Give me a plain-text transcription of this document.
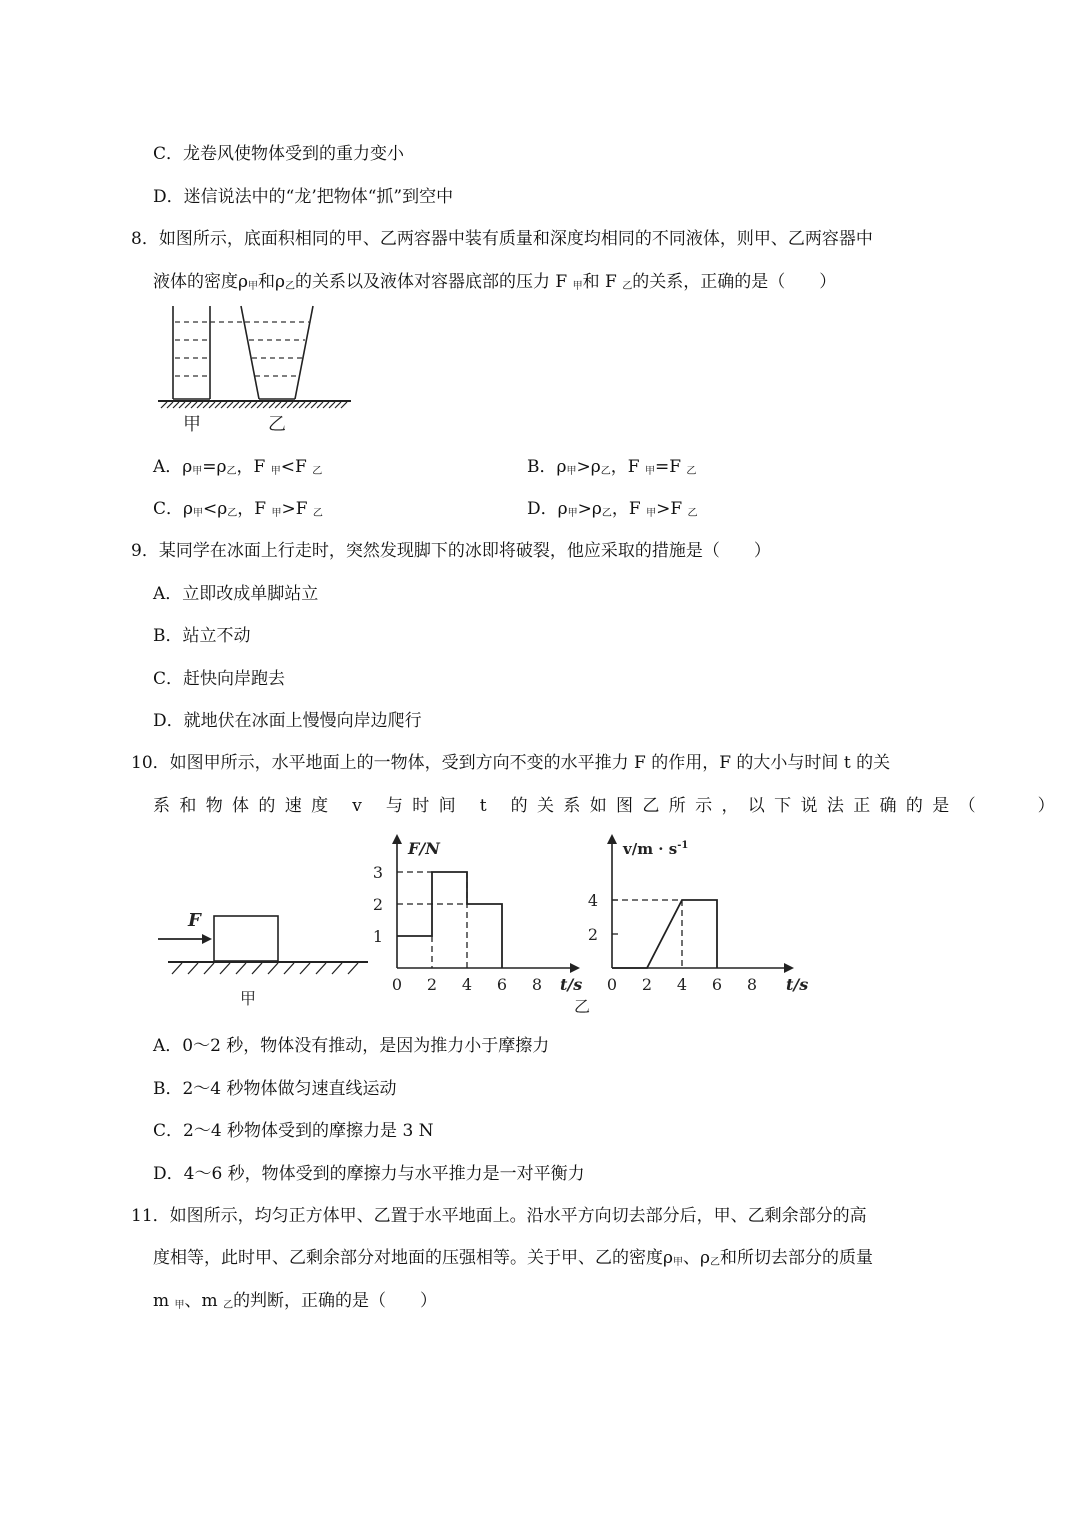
C．龙卷风使物体受到的重力变小
D．迷信说法中的“龙’把物体“抓”到空中
8．如图所示，底面积相同的甲、乙两容器中装有质量和深度均相同的不同液体，则甲、乙两容器中
液体的密度$\rho_甲$和$\rho_乙$的关系以及液体对容器底部的压力 F $_甲$和 F $_乙$的关系，正确的是（　　）
甲	乙
A．$\rho_甲=\rho_乙$，F $_甲$<F $_乙$	B．$\rho_甲>\rho_乙$，F $_甲$=F $_乙$
C．$\rho_甲<\rho_乙$，F $_甲$>F $_乙$	D．$\rho_甲>\rho_乙$，F $_甲$>F $_乙$
9．某同学在冰面上行走时，突然发现脚下的冰即将破裂，他应采取的措施是（　　）
A．立即改成单脚站立
B．站立不动
C．赶快向岸跑去
D．就地伏在冰面上慢慢向岸边爬行
10．如图甲所示，水平地面上的一物体，受到方向不变的水平推力 F 的作用，F 的大小与时间 t 的关
系和物体的速度 v 与时间 t 的关系如图乙所示，以下说法正确的是（　　）
F
甲
F/N
t/s
0 2 4 6 8
3
2
1
乙
$v/m \cdot s^{-1}$
t/s
0 2 4 6 8
4
2
A．0～2 秒，物体没有推动，是因为推力小于摩擦力
B．2～4 秒物体做匀速直线运动
C．2～4 秒物体受到的摩擦力是 3 N
D．4～6 秒，物体受到的摩擦力与水平推力是一对平衡力
11．如图所示，均匀正方体甲、乙置于水平地面上。沿水平方向切去部分后，甲、乙剩余部分的高
度相等，此时甲、乙剩余部分对地面的压强相等。关于甲、乙的密度$\rho_甲$、$\rho_乙$和所切去部分的质量
m $_甲$、m $_乙$的判断，正确的是（　　）
